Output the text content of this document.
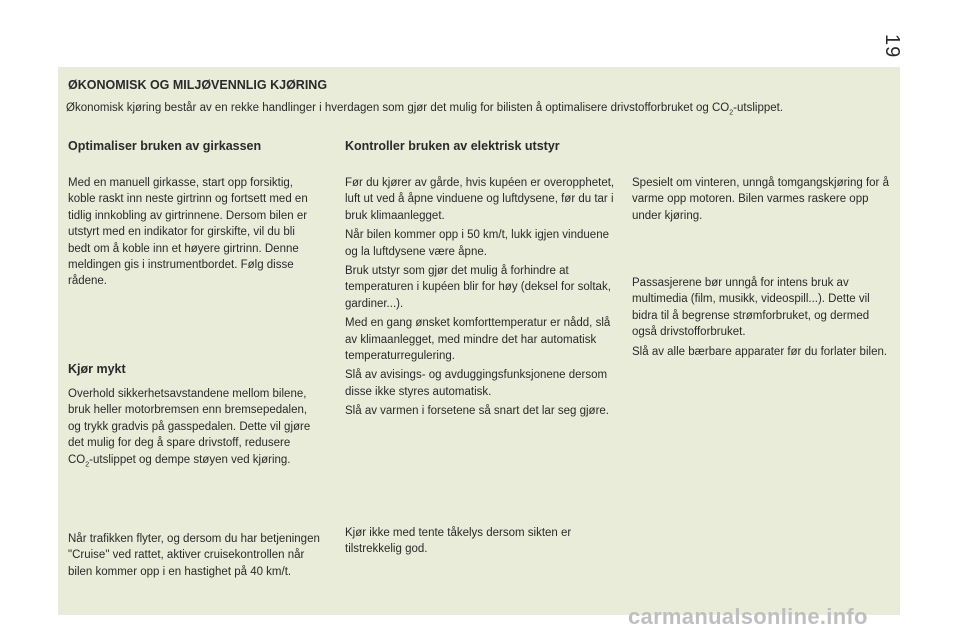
19
ØKONOMISK OG MILJØVENNLIG KJØRING
Økonomisk kjøring består av en rekke handlinger i hverdagen som gjør det mulig for bilisten å optimalisere drivstofforbruket og $CO_2$-utslippet.
Optimaliser bruken av girkassen
Med en manuell girkasse, start opp forsiktig, koble raskt inn neste girtrinn og fortsett med en tidlig innkobling av girtrinnene. Dersom bilen er utstyrt med en indikator for girskifte, vil du bli bedt om å koble inn et høyere girtrinn. Denne meldingen gis i instrumentbordet. Følg disse rådene.
Kjør mykt
Overhold sikkerhetsavstandene mellom bilene, bruk heller motorbremsen enn bremsepedalen, og trykk gradvis på gasspedalen. Dette vil gjøre det mulig for deg å spare drivstoff, redusere $CO_2$-utslippet og dempe støyen ved kjøring.
Når trafikken flyter, og dersom du har betjeningen "Cruise" ved rattet, aktiver cruisekontrollen når bilen kommer opp i en hastighet på 40 km/t.
Kontroller bruken av elektrisk utstyr

Før du kjører av gårde, hvis kupéen er overopphetet, luft ut ved å åpne vinduene og luftdysene, før du tar i bruk klimaanlegget.

Når bilen kommer opp i 50 km/t, lukk igjen vinduene og la luftdysene være åpne.

Bruk utstyr som gjør det mulig å forhindre at temperaturen i kupéen blir for høy (deksel for soltak, gardiner...).

Med en gang ønsket komforttemperatur er nådd, slå av klimaanlegget, med mindre det har automatisk temperaturregulering.

Slå av avisings- og avduggingsfunksjonene dersom disse ikke styres automatisk.

Slå av varmen i forsetene så snart det lar seg gjøre.

Kjør ikke med tente tåkelys dersom sikten er tilstrekkelig god.
Spesielt om vinteren, unngå tomgangskjøring for å varme opp motoren. Bilen varmes raskere opp under kjøring.

Passasjerene bør unngå for intens bruk av multimedia (film, musikk, videospill...). Dette vil bidra til å begrense strømforbruket, og dermed også drivstofforbruket.

Slå av alle bærbare apparater før du forlater bilen.

carmanualsonline.info
